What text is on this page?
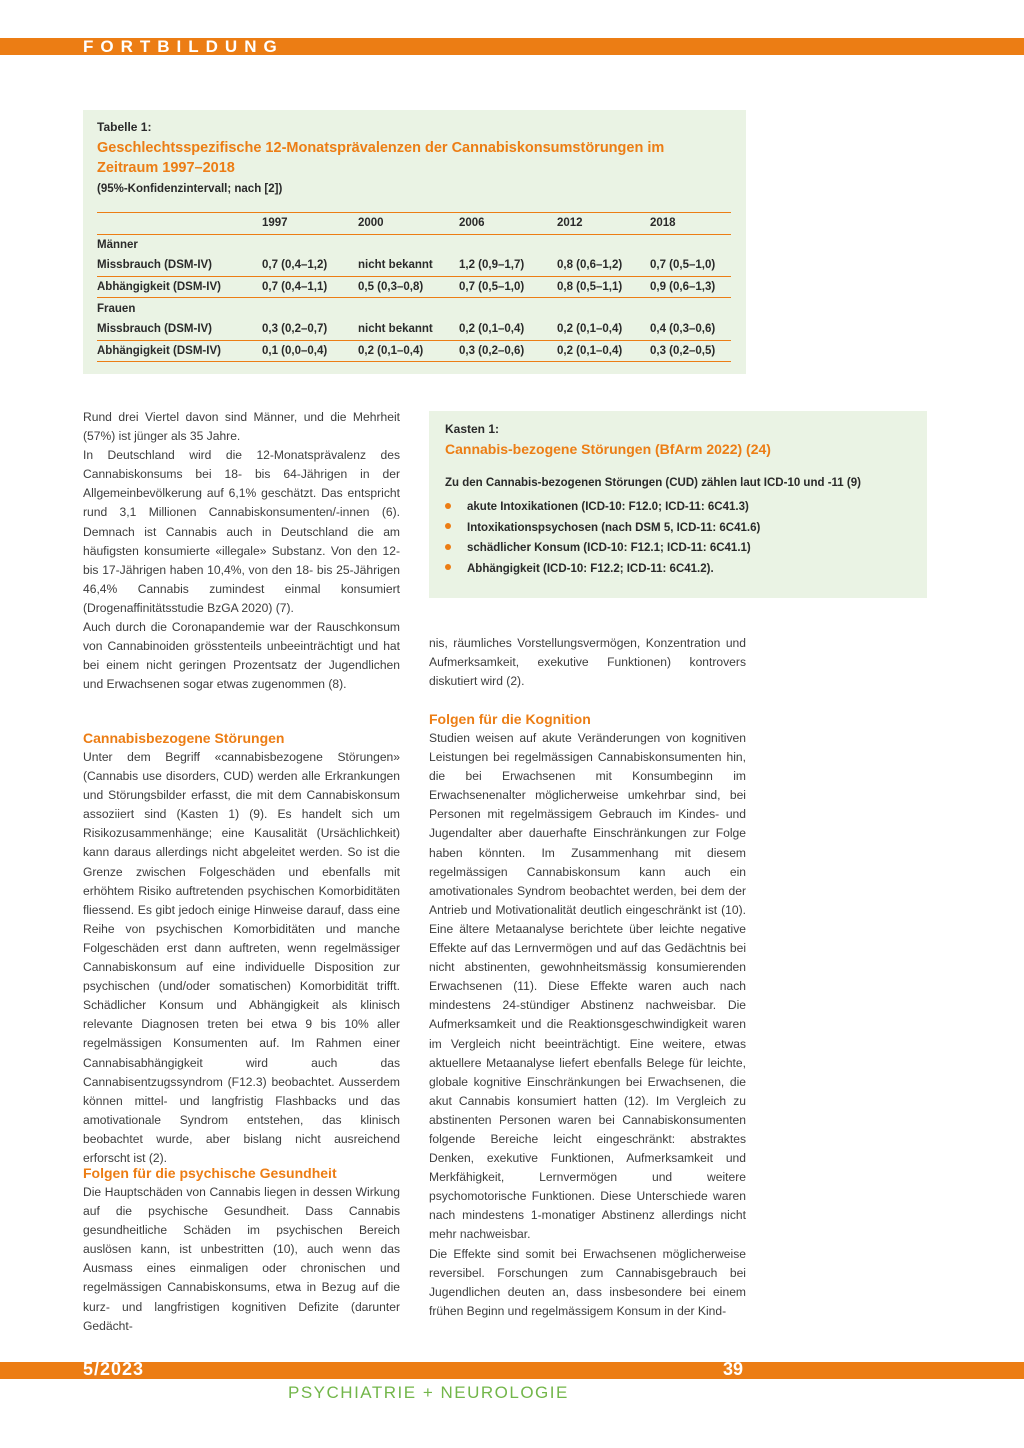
FORTBILDUNG
Tabelle 1:
Geschlechtsspezifische 12-Monatsprävalenzen der Cannabiskonsumstörungen im Zeitraum 1997–2018
(95%-Konfidenzintervall; nach [2])
	1997	2000	2006	2012	2018
Männer					
Missbrauch (DSM-IV)	0,7 (0,4–1,2)	nicht bekannt	1,2 (0,9–1,7)	0,8 (0,6–1,2)	0,7 (0,5–1,0)
Abhängigkeit (DSM-IV)	0,7 (0,4–1,1)	0,5 (0,3–0,8)	0,7 (0,5–1,0)	0,8 (0,5–1,1)	0,9 (0,6–1,3)
Frauen					
Missbrauch (DSM-IV)	0,3 (0,2–0,7)	nicht bekannt	0,2 (0,1–0,4)	0,2 (0,1–0,4)	0,4 (0,3–0,6)
Abhängigkeit (DSM-IV)	0,1 (0,0–0,4)	0,2 (0,1–0,4)	0,3 (0,2–0,6)	0,2 (0,1–0,4)	0,3 (0,2–0,5)

Rund drei Viertel davon sind Männer, und die Mehrheit (57%) ist jünger als 35 Jahre.

In Deutschland wird die 12-Monatsprävalenz des Cannabiskonsums bei 18- bis 64-Jährigen in der Allgemeinbevölkerung auf 6,1% geschätzt. Das entspricht rund 3,1 Millionen Cannabiskonsumenten/-innen (6). Demnach ist Cannabis auch in Deutschland die am häufigsten konsumierte «illegale» Substanz. Von den 12- bis 17-Jährigen haben 10,4%, von den 18- bis 25-Jährigen 46,4% Cannabis zumindest einmal konsumiert (Drogenaffinitätsstudie BzGA 2020) (7).

Auch durch die Coronapandemie war der Rauschkonsum von Cannabinoiden grösstenteils unbeeinträchtigt und hat bei einem nicht geringen Prozentsatz der Jugendlichen und Erwachsenen sogar etwas zugenommen (8).

Cannabisbezogene Störungen

Unter dem Begriff «cannabisbezogene Störungen» (Cannabis use disorders, CUD) werden alle Erkrankungen und Störungsbilder erfasst, die mit dem Cannabiskonsum assoziiert sind (Kasten 1) (9). Es handelt sich um Risikozusammenhänge; eine Kausalität (Ursächlichkeit) kann daraus allerdings nicht abgeleitet werden. So ist die Grenze zwischen Folgeschäden und ebenfalls mit erhöhtem Risiko auftretenden psychischen Komorbiditäten fliessend. Es gibt jedoch einige Hinweise darauf, dass eine Reihe von psychischen Komorbiditäten und manche Folgeschäden erst dann auftreten, wenn regelmässiger Cannabiskonsum auf eine individuelle Disposition zur psychischen (und/oder somatischen) Komorbidität trifft. Schädlicher Konsum und Abhängigkeit als klinisch relevante Diagnosen treten bei etwa 9 bis 10% aller regelmässigen Konsumenten auf. Im Rahmen einer Cannabisabhängigkeit wird auch das Cannabisentzugssyndrom (F12.3) beobachtet. Ausserdem können mittel- und langfristig Flashbacks und das amotivationale Syndrom entstehen, das klinisch beobachtet wurde, aber bislang nicht ausreichend erforscht ist (2).

Folgen für die psychische Gesundheit

Die Hauptschäden von Cannabis liegen in dessen Wirkung auf die psychische Gesundheit. Dass Cannabis gesundheitliche Schäden im psychischen Bereich auslösen kann, ist unbestritten (10), auch wenn das Ausmass eines einmaligen oder chronischen und regelmässigen Cannabiskonsums, etwa in Bezug auf die kurz- und langfristigen kognitiven Defizite (darunter Gedächt-

Kasten 1:
Cannabis-bezogene Störungen (BfArm 2022) (24)
Zu den Cannabis-bezogenen Störungen (CUD) zählen laut ICD-10 und -11 (9)
akute Intoxikationen (ICD-10: F12.0; ICD-11: 6C41.3)
Intoxikationspsychosen (nach DSM 5, ICD-11: 6C41.6)
schädlicher Konsum (ICD-10: F12.1; ICD-11: 6C41.1)
Abhängigkeit (ICD-10: F12.2; ICD-11: 6C41.2).

nis, räumliches Vorstellungsvermögen, Konzentration und Aufmerksamkeit, exekutive Funktionen) kontrovers diskutiert wird (2).

Folgen für die Kognition

Studien weisen auf akute Veränderungen von kognitiven Leistungen bei regelmässigen Cannabiskonsumenten hin, die bei Erwachsenen mit Konsumbeginn im Erwachsenenalter möglicherweise umkehrbar sind, bei Personen mit regelmässigem Gebrauch im Kindes- und Jugendalter aber dauerhafte Einschränkungen zur Folge haben könnten. Im Zusammenhang mit diesem regelmässigen Cannabiskonsum kann auch ein amotivationales Syndrom beobachtet werden, bei dem der Antrieb und Motivationalität deutlich eingeschränkt ist (10). Eine ältere Metaanalyse berichtete über leichte negative Effekte auf das Lernvermögen und auf das Gedächtnis bei nicht abstinenten, gewohnheitsmässig konsumierenden Erwachsenen (11). Diese Effekte waren auch nach mindestens 24-stündiger Abstinenz nachweisbar. Die Aufmerksamkeit und die Reaktionsgeschwindigkeit waren im Vergleich nicht beeinträchtigt. Eine weitere, etwas aktuellere Metaanalyse liefert ebenfalls Belege für leichte, globale kognitive Einschränkungen bei Erwachsenen, die akut Cannabis konsumiert hatten (12). Im Vergleich zu abstinenten Personen waren bei Cannabiskonsumenten folgende Bereiche leicht eingeschränkt: abstraktes Denken, exekutive Funktionen, Aufmerksamkeit und Merkfähigkeit, Lernvermögen und weitere psychomotorische Funktionen. Diese Unterschiede waren nach mindestens 1-monatiger Abstinenz allerdings nicht mehr nachweisbar.

Die Effekte sind somit bei Erwachsenen möglicherweise reversibel. Forschungen zum Cannabisgebrauch bei Jugendlichen deuten an, dass insbesondere bei einem frühen Beginn und regelmässigem Konsum in der Kind-

5/2023	39
PSYCHIATRIE + NEUROLOGIE
